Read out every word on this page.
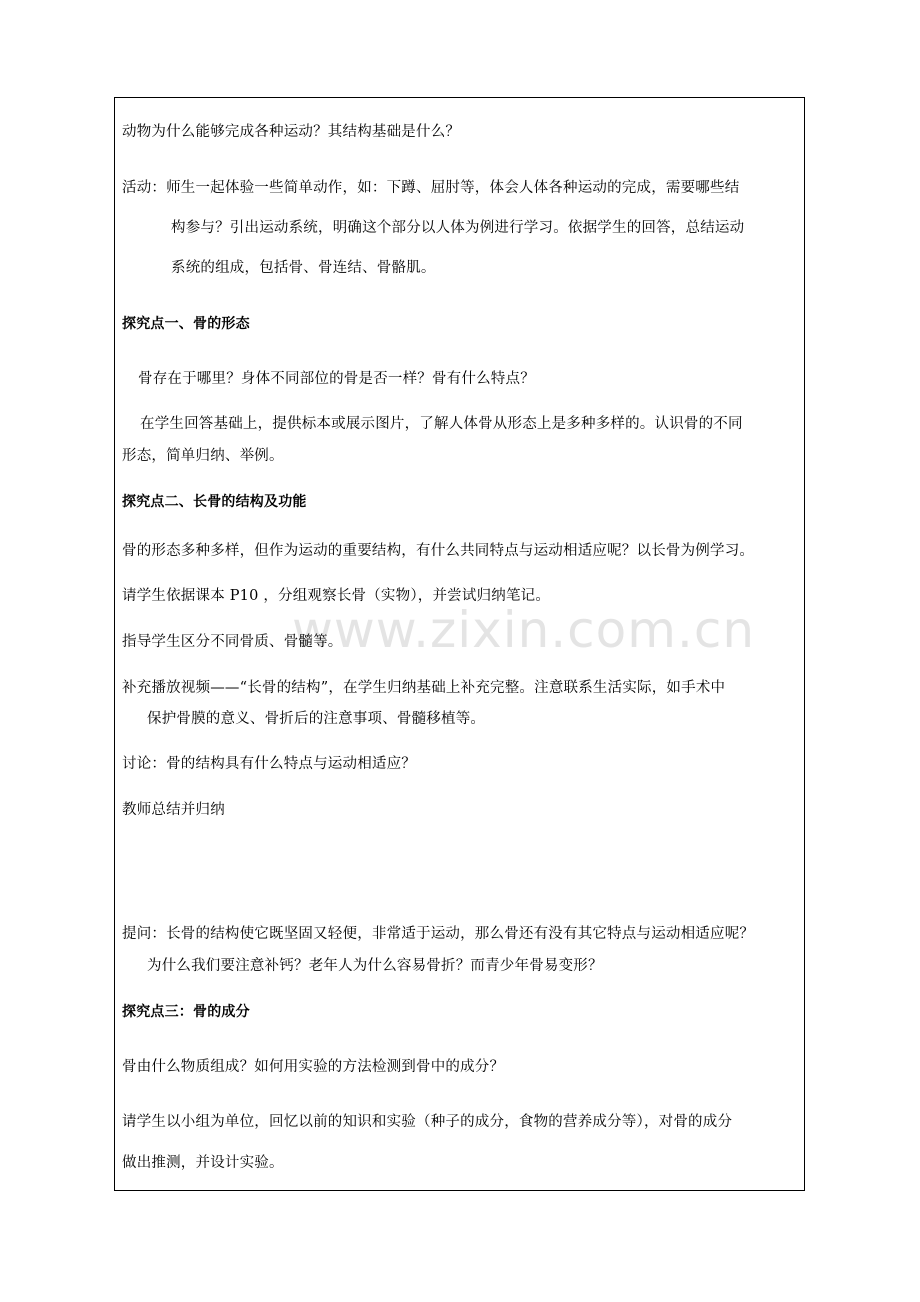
www.zixin.com.cn
动物为什么能够完成各种运动？其结构基础是什么？
活动：师生一起体验一些简单动作，如：下蹲、屈肘等，体会人体各种运动的完成，需要哪些结
构参与？引出运动系统，明确这个部分以人体为例进行学习。依据学生的回答，总结运动
系统的组成，包括骨、骨连结、骨骼肌。
探究点一、骨的形态
骨存在于哪里？身体不同部位的骨是否一样？骨有什么特点？
在学生回答基础上，提供标本或展示图片，了解人体骨从形态上是多种多样的。认识骨的不同
形态，简单归纳、举例。
探究点二、长骨的结构及功能
骨的形态多种多样，但作为运动的重要结构，有什么共同特点与运动相适应呢？以长骨为例学习。
请学生依据课本 P10 ，分组观察长骨（实物），并尝试归纳笔记。
指导学生区分不同骨质、骨髓等。
补充播放视频——“长骨的结构”，在学生归纳基础上补充完整。注意联系生活实际，如手术中
保护骨膜的意义、骨折后的注意事项、骨髓移植等。
讨论：骨的结构具有什么特点与运动相适应？
教师总结并归纳
提问：长骨的结构使它既坚固又轻便，非常适于运动，那么骨还有没有其它特点与运动相适应呢？
为什么我们要注意补钙？老年人为什么容易骨折？而青少年骨易变形？
探究点三：骨的成分
骨由什么物质组成？如何用实验的方法检测到骨中的成分？
请学生以小组为单位，回忆以前的知识和实验（种子的成分，食物的营养成分等），对骨的成分
做出推测，并设计实验。
